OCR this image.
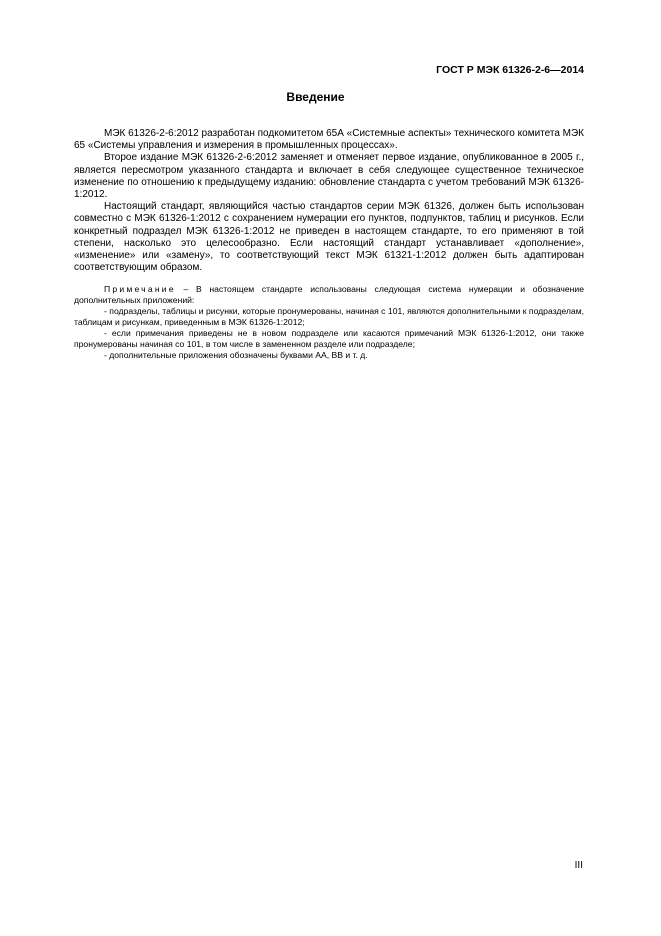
ГОСТ Р МЭК 61326-2-6—2014
Введение

МЭК 61326-2-6:2012 разработан подкомитетом 65А «Системные аспекты» технического комитета МЭК 65 «Системы управления и измерения в промышленных процессах».

Второе издание МЭК 61326-2-6:2012 заменяет и отменяет первое издание, опубликованное в 2005 г., является пересмотром указанного стандарта и включает в себя следующее существенное техническое изменение по отношению к предыдущему изданию: обновление стандарта с учетом требований МЭК 61326-1:2012.

Настоящий стандарт, являющийся частью стандартов серии МЭК 61326, должен быть использован совместно с МЭК 61326-1:2012 с сохранением нумерации его пунктов, подпунктов, таблиц и рисунков. Если конкретный подраздел МЭК 61326-1:2012 не приведен в настоящем стандарте, то его применяют в той степени, насколько это целесообразно. Если настоящий стандарт устанавливает «дополнение», «изменение» или «замену», то соответствующий текст МЭК 61321-1:2012 должен быть адаптирован соответствующим образом.

Примечание – В настоящем стандарте использованы следующая система нумерации и обозначение дополнительных приложений:

- подразделы, таблицы и рисунки, которые пронумерованы, начиная с 101, являются дополнительными к подразделам, таблицам и рисункам, приведенным в МЭК 61326-1:2012;

- если примечания приведены не в новом подразделе или касаются примечаний МЭК 61326-1:2012, они также пронумерованы начиная со 101, в том числе в замененном разделе или подразделе;

- дополнительные приложения обозначены буквами АА, ВВ и т. д.

III
